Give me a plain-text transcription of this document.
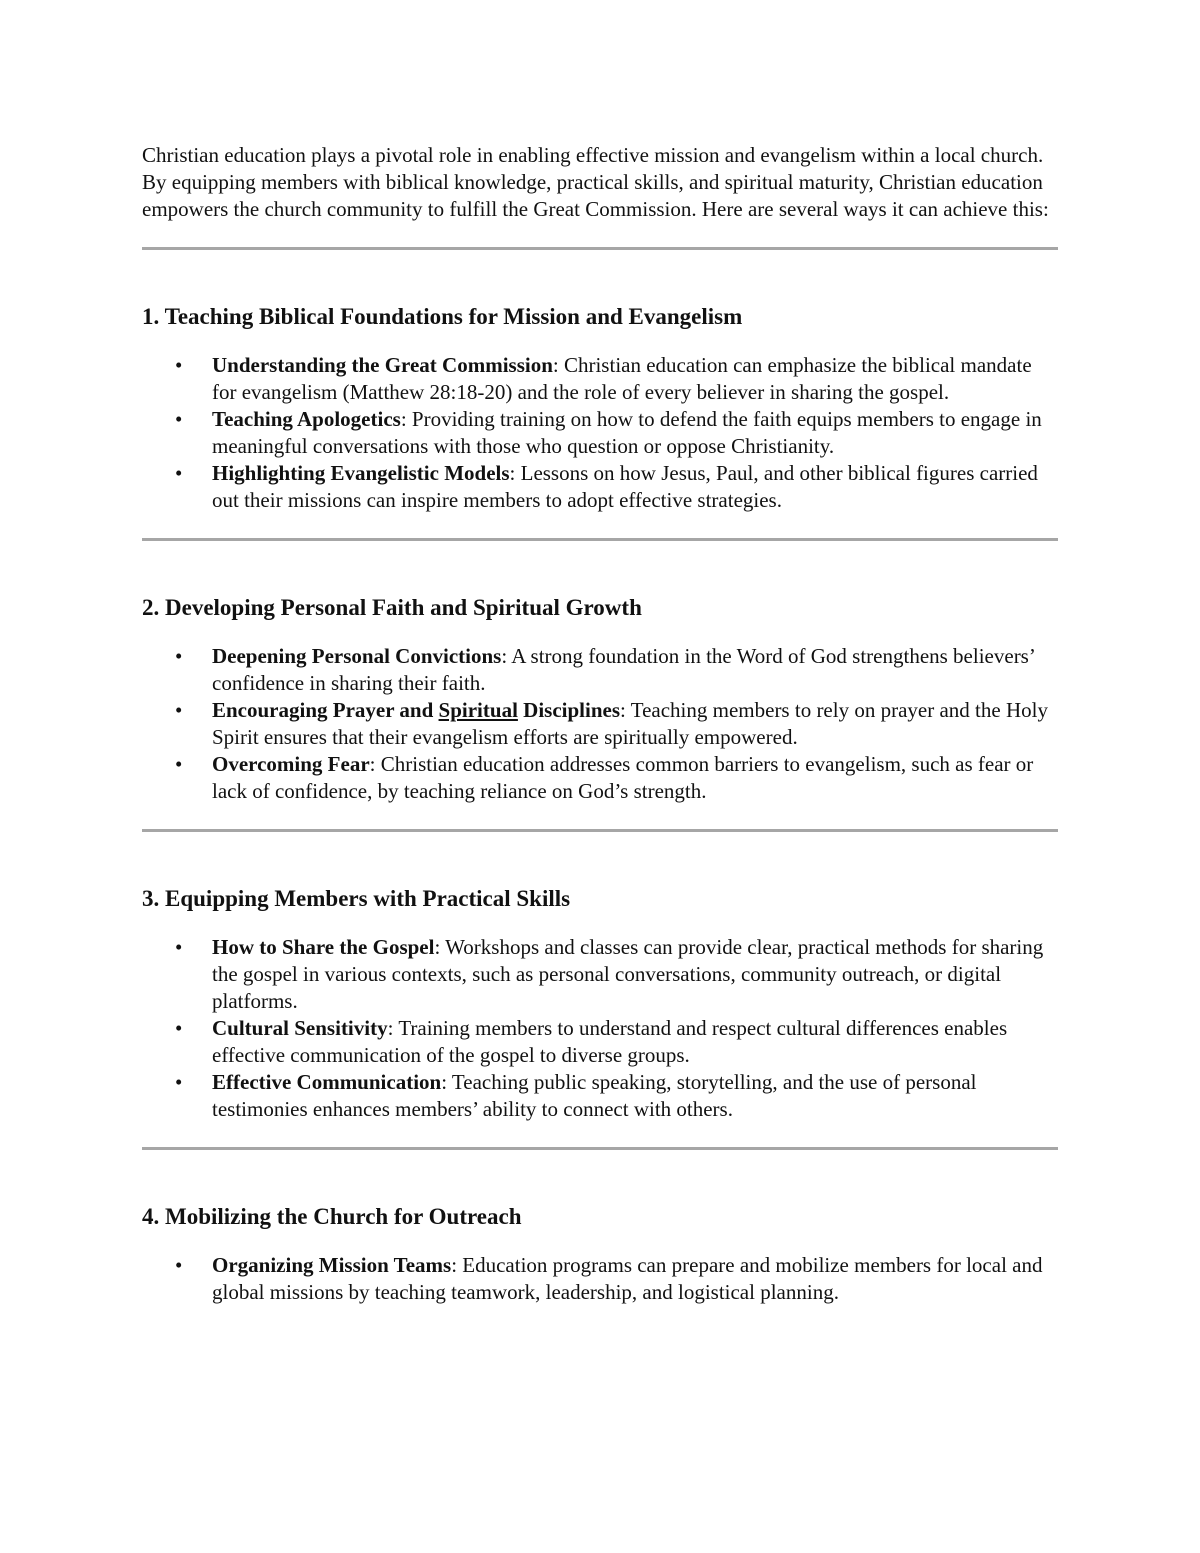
Christian education plays a pivotal role in enabling effective mission and evangelism within a local church. By equipping members with biblical knowledge, practical skills, and spiritual maturity, Christian education empowers the church community to fulfill the Great Commission. Here are several ways it can achieve this:

1. Teaching Biblical Foundations for Mission and Evangelism
• Understanding the Great Commission: Christian education can emphasize the biblical mandate for evangelism (Matthew 28:18-20) and the role of every believer in sharing the gospel.
• Teaching Apologetics: Providing training on how to defend the faith equips members to engage in meaningful conversations with those who question or oppose Christianity.
• Highlighting Evangelistic Models: Lessons on how Jesus, Paul, and other biblical figures carried out their missions can inspire members to adopt effective strategies.
2. Developing Personal Faith and Spiritual Growth
• Deepening Personal Convictions: A strong foundation in the Word of God strengthens believers’ confidence in sharing their faith.
• Encouraging Prayer and Spiritual Disciplines: Teaching members to rely on prayer and the Holy Spirit ensures that their evangelism efforts are spiritually empowered.
• Overcoming Fear: Christian education addresses common barriers to evangelism, such as fear or lack of confidence, by teaching reliance on God’s strength.
3. Equipping Members with Practical Skills
• How to Share the Gospel: Workshops and classes can provide clear, practical methods for sharing the gospel in various contexts, such as personal conversations, community outreach, or digital platforms.
• Cultural Sensitivity: Training members to understand and respect cultural differences enables effective communication of the gospel to diverse groups.
• Effective Communication: Teaching public speaking, storytelling, and the use of personal testimonies enhances members’ ability to connect with others.
4. Mobilizing the Church for Outreach
• Organizing Mission Teams: Education programs can prepare and mobilize members for local and global missions by teaching teamwork, leadership, and logistical planning.
